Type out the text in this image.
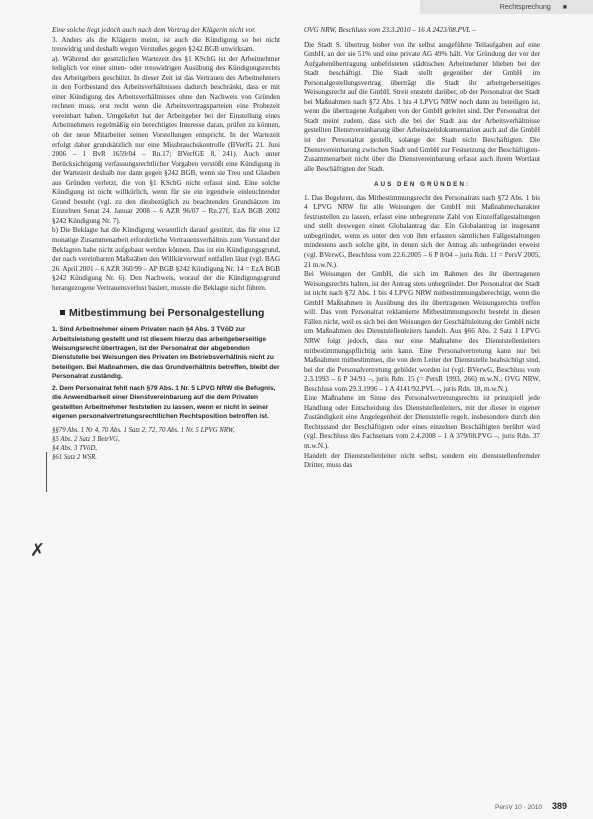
Rechtsprechung ■
✗

Eine solche liegt jedoch auch nach dem Vortrag der Klägerin nicht vor.

3. Anders als die Klägerin meint, ist auch die Kündigung so bei nicht treuwidrig und deshalb wegen Verstoßes gegen §242 BGB unwirksam.

a). Während der gesetzlichen Wartezeit des §1 KSchG ist der Arbeitnehmer lediglich vor einer sitten- oder treuwidrigen Ausübung des Kündigungsrechts des Arbeitgebers geschützt. In dieser Zeit ist das Vertrauen des Arbeitnehmers in den Fortbestand des Arbeitsverhältnisses dadurch beschränkt, dass er mit einer Kündigung des Arbeitsverhältnisses ohne den Nachweis von Gründen rechnen muss, erst recht wenn die Arbeitsvertragsparteien eine Probezeit vereinbart haben. Umgekehrt hat der Arbeitgeber bei der Einstellung eines Arbeitnehmers regelmäßig ein berechtigtes Interesse daran, prüfen zu können, ob der neue Mitarbeiter seinen Vorstellungen entspricht. In der Wartezeit erfolgt daher grundsätzlich nur eine Missbrauchskontrolle (BVerfG 21. Juni 2006 – 1 BvR 1659/04 – Rn.17; BVerfGE 8, 241). Auch unter Berücksichtigung verfassungsrechtlicher Vorgaben verstößt eine Kündigung in der Wartezeit deshalb nur dann gegen §242 BGB, wenn sie Treu und Glauben aus Gründen verletzt, die von §1 KSchG nicht erfasst sind. Eine solche Kündigung ist nicht willkürlich, wenn für sie ein irgendwie einleuchtender Grund besteht (vgl. zu den diesbezüglich zu beachtenden Grundsätzen im Einzelnen Senat 24. Januar 2008 – 6 AZR 96/07 – Rn.27f, EzA BGB 2002 §242 Kündigung Nr. 7).

b) Die Beklagte hat die Kündigung wesentlich darauf gestützt, das für eine 12 monatige Zusammenarbeit erforderliche Vertrauensverhältnis zum Vorstand der Beklagten habe nicht aufgebaut werden können. Das ist ein Kündigungsgrund, der nach vereinbarten Maßstäben den Willkürvorwurf entfallen lässt (vgl. BAG 26. April 2001 – 6 AZR 360/99 – AP BGB §242 Kündigung Nr. 14 = EzA BGB §242 Kündigung Nr. 6). Den Nachweis, worauf der die Kündigungsgrund herangezogene Vertrauensverlust basiert, musste die Beklagte nicht führen.

Mitbestimmung bei Personalgestellung

1. Sind Arbeitnehmer einem Privaten nach §4 Abs. 3 TVöD zur Arbeitsleistung gestellt und ist diesem hierzu das arbeitgeberseitige Weisungsrecht übertragen, ist der Personalrat der abgebenden Dienststelle bei Weisungen des Privaten im Betriebsverhältnis nicht zu beteiligen. Bei Maßnahmen, die das Grundverhältnis betreffen, bleibt der Personalrat zuständig.

2. Dem Personalrat fehlt nach §79 Abs. 1 Nr. 5 LPVG NRW die Befugnis, die Anwendbarkeit einer Dienstvereinbarung auf die dem Privaten gestellten Arbeitnehmer feststellen zu lassen, wenn er nicht in seiner eigenen personalvertretungsrechtlichen Rechtsposition betroffen ist.

§§79 Abs. 1 Nr 4, 70 Abs. 1 Satz 2, 72, 70 Abs. 1 Nr. 5 LPVG NRW,
§5 Abs. 2 Satz 3 BetrVG,
§4 Abs. 3 TVöD,
§61 Satz 2 WSR.

OVG NRW, Beschluss vom 23.3.2010 – 16 A 2423/08.PVL –

Die Stadt S. übertrug bisher von ihr selbst ausgeführte Teilaufgaben auf eine GmbH, an der sie 51% und eine private AG 49% hält. Vor Gründung der vor der Aufgabenübertragung unbefristeten städtischen Arbeitnehmer blieben bei der Stadt beschäftigt. Die Stadt stellt gegenüber der GmbH im Personalgestellungsvertrag überträgt die Stadt ihr arbeitgeberseitiges Weisungsrecht auf die GmbH. Streit entsteht darüber, ob der Personalrat der Stadt bei Maßnahmen nach §72 Abs. 1 bis 4 LPVG NRW noch dann zu beteiligen ist, wenn die übertragene Aufgaben von der GmbH geleitet sind. Der Personalrat der Stadt meint zudem, dass sich die bei der Stadt aus der Arbeitsverhältnisse gestellten Dienstvereinbarung über Arbeitszeitdokumentation auch auf die GmbH ist der Personalrat gestellt, solange der Stadt nicht Beschäftigten. Die Dienstvereinbarung zwischen Stadt und GmbH zur Festsetzung der Beschäftigten-Zusammenarbeit nicht über die Dienstvereinbarung erfasst auch ihrem Wortlaut alle Beschäftigten der Stadt.

AUS DEN GRÜNDEN:

1. Das Begehren, das Mitbestimmungsrecht des Personalrats nach §72 Abs. 1 bis 4 LPVG NRW für alle Weisungen der GmbH mit Maßnahmecharakter festzustellen zu lassen, erfasst eine unbegrenzte Zahl von Einzelfallgestaltungen und stellt deswegen einen Globalantrag dar. Ein Globalantrag ist insgesamt unbegründet, wenn es unter den von ihm erfassten sämtlichen Fallgestaltungen mindestens auch solche gibt, in denen sich der Antrag als unbegründet erweist (vgl. BVerwG, Beschluss vom 22.6.2005 – 6 P 8/04 – juris Rdn. 11 = PersV 2005, 21 m.w.N.).

Bei Weisungen der GmbH, die sich im Rahmen des ihr übertragenen Weisungsrechts halten, ist der Antrag stets unbegründet. Der Personalrat der Stadt ist nicht nach §72 Abs. 1 bis 4 LPVG NRW mitbestimmungsberechtigt, wenn die GmbH Maßnahmen in Ausübung des ihr übertragenen Weisungsrechts treffen will. Das vom Personalrat reklamierte Mitbestimmungsrecht besteht in diesen Fällen nicht, weil es sich bei den Weisungen der Geschäftsleitung der GmbH nicht um Maßnahmen des Dienststellenleiters handelt. Aus §66 Abs. 2 Satz 1 LPVG NRW folgt jedoch, dass nur eine Maßnahme des Dienststellenleiters mitbestimmungspflichtig sein kann. Eine Personalvertretung kann nur bei Maßnahmen mitbestimmen, die von dem Leiter der Dienststelle beabsichtigt sind, bei der die Personalvertretung gebildet worden ist (vgl. BVerwG, Beschluss vom 2.3.1993 – 6 P 34/91 –, juris Rdn. 15 (= PersR 1993, 266) m.w.N.; OVG NRW, Beschluss vom 29.3.1996 – 1 A 4141/92.PVL –, juris Rdn. 18, m.w.N.).

Eine Maßnahme im Sinne des Personalvertretungsrechts ist prinzipiell jede Handlung oder Entscheidung des Dienststellenleiters, mit der dieser in eigener Zuständigkeit eine Angelegenheit der Dienststelle regelt, insbesondere durch den Rechtsstand der Beschäftigten oder eines einzelnen Beschäftigten berührt wird (vgl. Beschluss des Fachsenats vom 2.4.2008 – 1 A 379/08.PVG –, juris Rdn. 37 m.w.N.).

Handelt der Dienststellenleiter nicht selbst, sondern ein dienststellenfremder Dritter, muss das

PersV 10 · 2010 389
